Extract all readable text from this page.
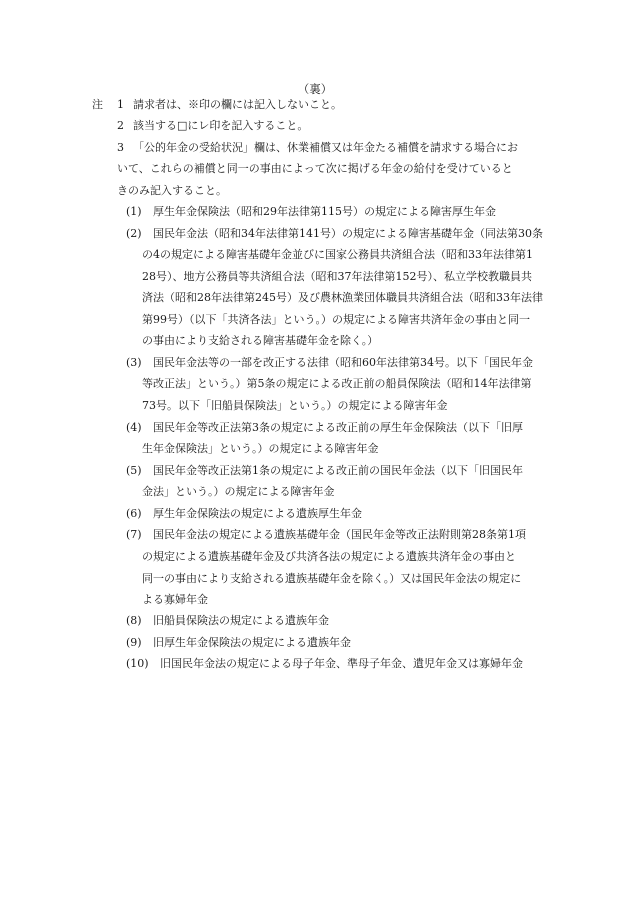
（裏）
注 1 請求者は、※印の欄には記入しないこと。
2 該当する□にレ印を記入すること。
3 「公的年金の受給状況」欄は、休業補償又は年金たる補償を請求する場合にお
いて、これらの補償と同一の事由によって次に掲げる年金の給付を受けていると
きのみ記入すること。
(1) 厚生年金保険法（昭和29年法律第115号）の規定による障害厚生年金
(2) 国民年金法（昭和34年法律第141号）の規定による障害基礎年金（同法第30条
の4の規定による障害基礎年金並びに国家公務員共済組合法（昭和33年法律第1
28号）、地方公務員等共済組合法（昭和37年法律第152号）、私立学校教職員共
済法（昭和28年法律第245号）及び農林漁業団体職員共済組合法（昭和33年法律
第99号）（以下「共済各法」という。）の規定による障害共済年金の事由と同一
の事由により支給される障害基礎年金を除く。）
(3) 国民年金法等の一部を改正する法律（昭和60年法律第34号。以下「国民年金
等改正法」という。）第5条の規定による改正前の船員保険法（昭和14年法律第
73号。以下「旧船員保険法」という。）の規定による障害年金
(4) 国民年金等改正法第3条の規定による改正前の厚生年金保険法（以下「旧厚
生年金保険法」という。）の規定による障害年金
(5) 国民年金等改正法第1条の規定による改正前の国民年金法（以下「旧国民年
金法」という。）の規定による障害年金
(6) 厚生年金保険法の規定による遺族厚生年金
(7) 国民年金法の規定による遺族基礎年金（国民年金等改正法附則第28条第1項
の規定による遺族基礎年金及び共済各法の規定による遺族共済年金の事由と
同一の事由により支給される遺族基礎年金を除く。）又は国民年金法の規定に
よる寡婦年金
(8) 旧船員保険法の規定による遺族年金
(9) 旧厚生年金保険法の規定による遺族年金
(10) 旧国民年金法の規定による母子年金、準母子年金、遺児年金又は寡婦年金
